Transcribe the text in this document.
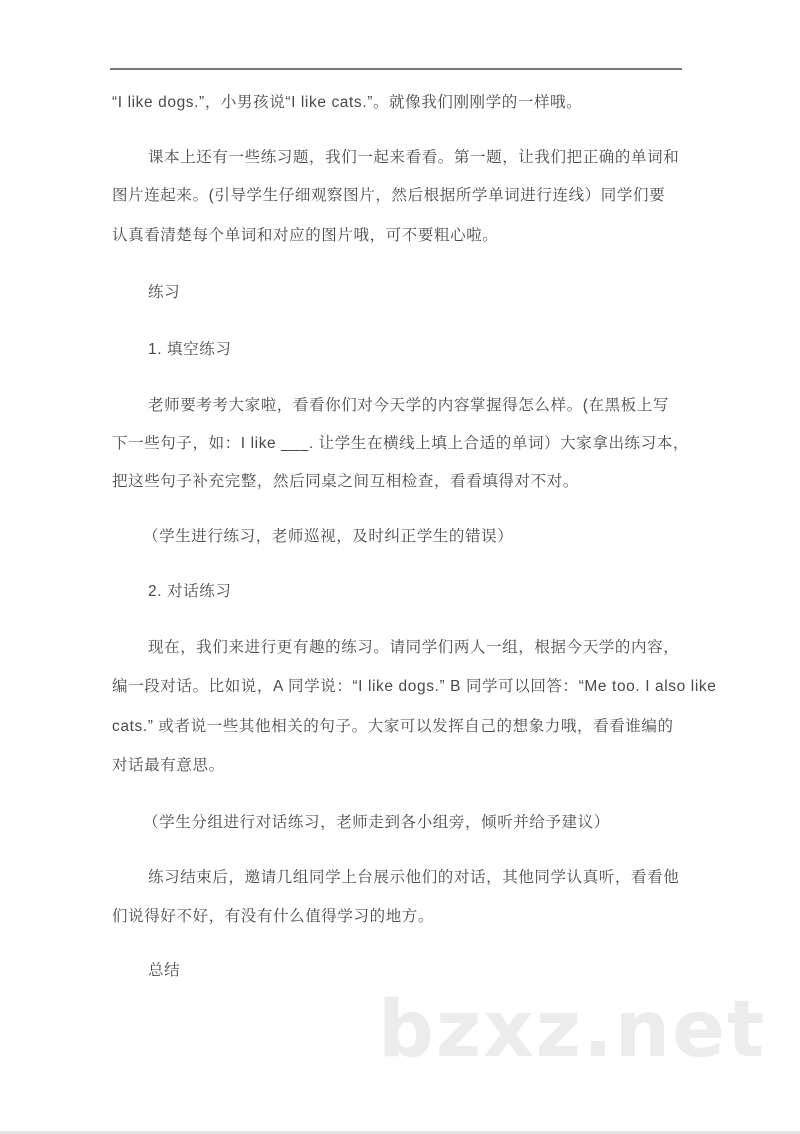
“I like dogs.”，小男孩说“I like cats.”。就像我们刚刚学的一样哦。
课本上还有一些练习题，我们一起来看看。第一题，让我们把正确的单词和
图片连起来。(引导学生仔细观察图片，然后根据所学单词进行连线）同学们要
认真看清楚每个单词和对应的图片哦，可不要粗心啦。
练习
1. 填空练习
老师要考考大家啦，看看你们对今天学的内容掌握得怎么样。(在黑板上写
下一些句子，如：I like ___. 让学生在横线上填上合适的单词）大家拿出练习本，
把这些句子补充完整，然后同桌之间互相检查，看看填得对不对。
（学生进行练习，老师巡视，及时纠正学生的错误）
2. 对话练习
现在，我们来进行更有趣的练习。请同学们两人一组，根据今天学的内容，
编一段对话。比如说，A 同学说：“I like dogs.” B 同学可以回答：“Me too. I also like
cats.” 或者说一些其他相关的句子。大家可以发挥自己的想象力哦，看看谁编的
对话最有意思。
（学生分组进行对话练习，老师走到各小组旁，倾听并给予建议）
练习结束后，邀请几组同学上台展示他们的对话，其他同学认真听，看看他
们说得好不好，有没有什么值得学习的地方。
总结
bzxz.net
